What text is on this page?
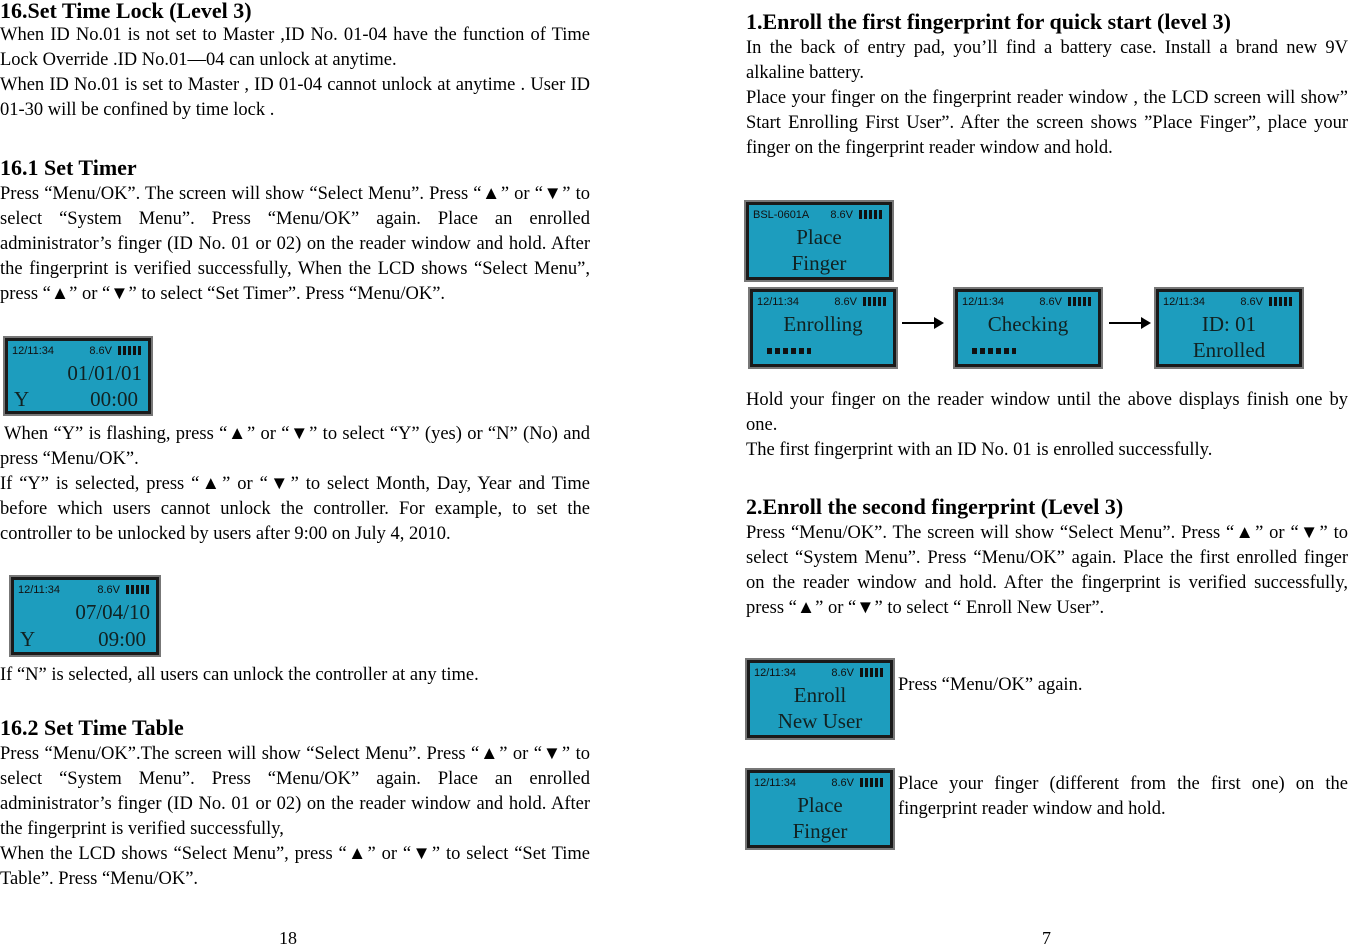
16.Set Time Lock (Level 3)

When ID No.01 is not set to Master ,ID No. 01-04 have the function of Time Lock Override .ID No.01—04 can unlock at anytime.

When ID No.01 is set to Master , ID 01-04 cannot unlock at anytime . User ID 01-30 will be confined by time lock .

16.1 Set Timer

Press “Menu/OK”. The screen will show “Select Menu”. Press “▲” or “▼” to select “System Menu”. Press “Menu/OK” again. Place an enrolled administrator’s finger (ID No. 01 or 02) on the reader window and hold. After the fingerprint is verified successfully, When the LCD shows “Select Menu”, press “▲” or “▼” to select “Set Timer”. Press “Menu/OK”.

12/11:34	8.6V
01/01/01
Y	00:00

When “Y” is flashing, press “▲” or “▼” to select “Y” (yes) or “N” (No) and press “Menu/OK”.

If “Y” is selected, press “▲” or “▼” to select Month, Day, Year and Time before which users cannot unlock the controller. For example, to set the controller to be unlocked by users after 9:00 on July 4, 2010.

12/11:34	8.6V
07/04/10
Y	09:00

If “N” is selected, all users can unlock the controller at any time.

16.2 Set Time Table

Press “Menu/OK”.The screen will show “Select Menu”. Press “▲” or “▼” to select “System Menu”. Press “Menu/OK” again. Place an enrolled administrator’s finger (ID No. 01 or 02) on the reader window and hold. After the fingerprint is verified successfully,

When the LCD shows “Select Menu”, press “▲” or “▼” to select “Set Time Table”. Press “Menu/OK”.

18
1.Enroll the first fingerprint for quick start (level 3)

In the back of entry pad, you’ll find a battery case. Install a brand new 9V alkaline battery.

Place your finger on the fingerprint reader window , the LCD screen will show” Start Enrolling First User”. After the screen shows ”Place Finger”, place your finger on the fingerprint reader window and hold.

BSL-0601A 8.6V
Place
Finger
12/11:34	8.6V
Enrolling
12/11:34	8.6V
Checking
12/11:34	8.6V
ID: 01
Enrolled

Hold your finger on the reader window until the above displays finish one by one.

The first fingerprint with an ID No. 01 is enrolled successfully.

2.Enroll the second fingerprint (Level 3)

Press “Menu/OK”. The screen will show “Select Menu”. Press “▲” or “▼” to select “System Menu”. Press “Menu/OK” again. Place the first enrolled finger on the reader window and hold. After the fingerprint is verified successfully, press “▲” or “▼” to select “ Enroll New User”.

12/11:34	8.6V
Enroll
New User

Press “Menu/OK” again.

12/11:34	8.6V
Place
Finger

Place your finger (different from the first one) on the fingerprint reader window and hold.

7
